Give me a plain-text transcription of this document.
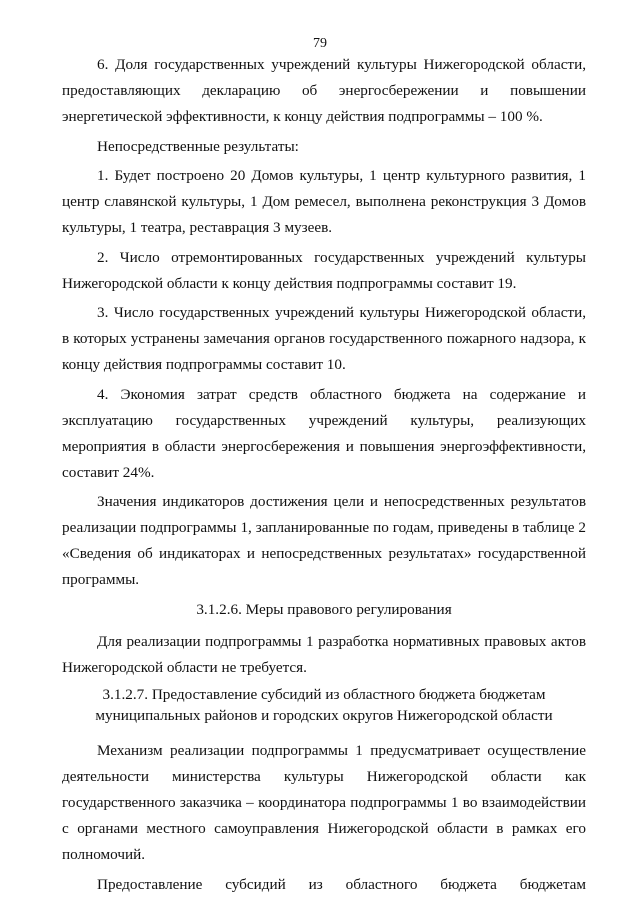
79

6. Доля государственных учреждений культуры Нижегородской области, предоставляющих декларацию об энергосбережении и повышении энергетической эффективности, к концу действия подпрограммы – 100 %.

Непосредственные результаты:

1. Будет построено 20 Домов культуры, 1 центр культурного развития, 1 центр славянской культуры, 1 Дом ремесел, выполнена реконструкция 3 Домов культуры, 1 театра, реставрация 3 музеев.

2. Число отремонтированных государственных учреждений культуры Нижегородской области к концу действия подпрограммы составит 19.

3. Число государственных учреждений культуры Нижегородской области, в которых устранены замечания органов государственного пожарного надзора, к концу действия подпрограммы составит 10.

4. Экономия затрат средств областного бюджета на содержание и эксплуатацию государственных учреждений культуры, реализующих мероприятия в области энергосбережения и повышения энергоэффективности, составит 24%.

Значения индикаторов достижения цели и непосредственных результатов реализации подпрограммы 1, запланированные по годам, приведены в таблице 2 «Сведения об индикаторах и непосредственных результатах» государственной программы.

3.1.2.6. Меры правового регулирования

Для реализации подпрограммы 1 разработка нормативных правовых актов Нижегородской области не требуется.

3.1.2.7. Предоставление субсидий из областного бюджета бюджетам
муниципальных районов и городских округов Нижегородской области

Механизм реализации подпрограммы 1 предусматривает осуществление деятельности министерства культуры Нижегородской области как государственного заказчика – координатора подпрограммы 1 во взаимодействии с органами местного самоуправления Нижегородской области в рамках его полномочий.

Предоставление субсидий из областного бюджета бюджетам
